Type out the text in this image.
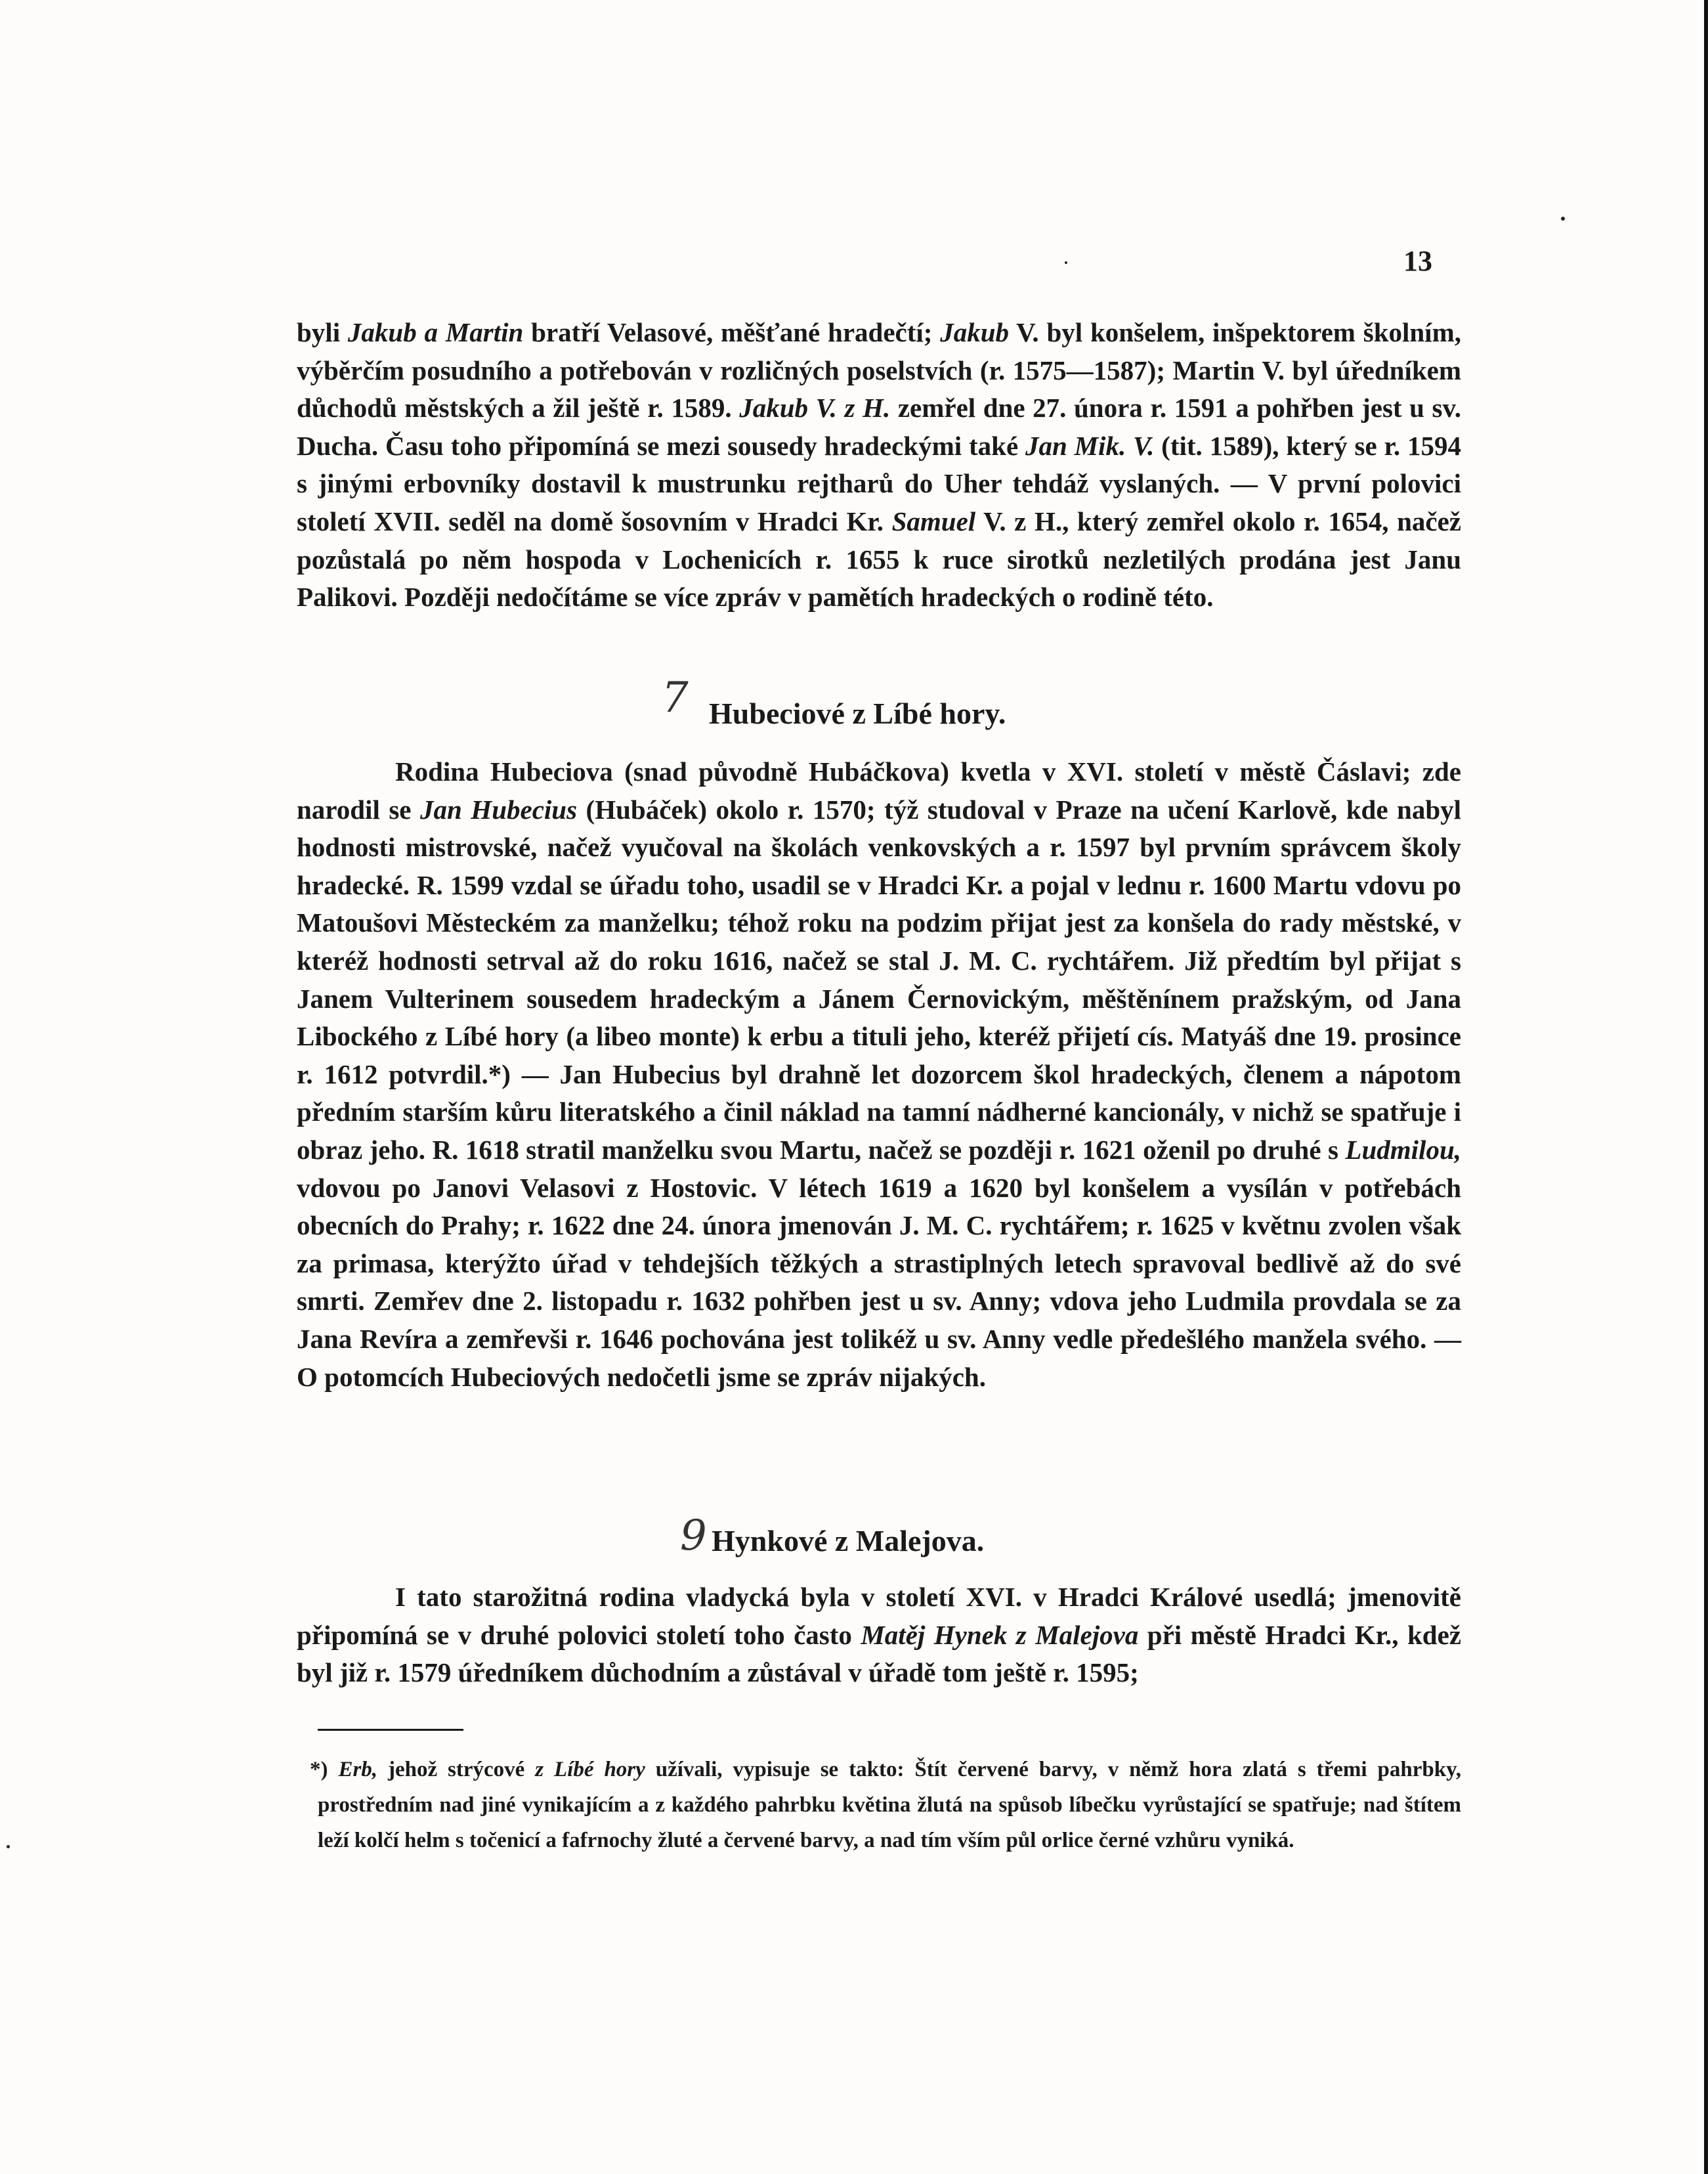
13

byli Jakub a Martin bratří Velasové, měšťané hradečtí; Jakub V. byl konšelem, inšpektorem školním, výběrčím posudního a potřebován v rozličných poselstvích (r. 1575—1587); Martin V. byl úředníkem důchodů městských a žil ještě r. 1589. Jakub V. z H. zemřel dne 27. února r. 1591 a pohřben jest u sv. Ducha. Času toho připomíná se mezi sousedy hradeckými také Jan Mik. V. (tit. 1589), který se r. 1594 s jinými erbovníky dostavil k mustrunku rejtharů do Uher tehdáž vyslaných. — V první polovici století XVII. seděl na domě šosovním v Hradci Kr. Samuel V. z H., který zemřel okolo r. 1654, načež pozůstalá po něm hospoda v Lochenicích r. 1655 k ruce sirotků nezletilých prodána jest Janu Palikovi. Později nedočítáme se více zpráv v pamětích hradeckých o rodině této.

7 Hubeciové z Líbé hory.

Rodina Hubeciova (snad původně Hubáčkova) kvetla v XVI. století v městě Čáslavi; zde narodil se Jan Hubecius (Hubáček) okolo r. 1570; týž studoval v Praze na učení Karlově, kde nabyl hodnosti mistrovské, načež vyučoval na školách venkovských a r. 1597 byl prvním správcem školy hradecké. R. 1599 vzdal se úřadu toho, usadil se v Hradci Kr. a pojal v lednu r. 1600 Martu vdovu po Matoušovi Městeckém za manželku; téhož roku na podzim přijat jest za konšela do rady městské, v kteréž hodnosti setrval až do roku 1616, načež se stal J. M. C. rychtářem. Již předtím byl přijat s Janem Vulterinem sousedem hradeckým a Jánem Černovickým, měštěnínem pražským, od Jana Libockého z Líbé hory (a libeo monte) k erbu a tituli jeho, kteréž přijetí cís. Matyáš dne 19. prosince r. 1612 potvrdil.*) — Jan Hubecius byl drahně let dozorcem škol hradeckých, členem a nápotom předním starším kůru literatského a činil náklad na tamní nádherné kancionály, v nichž se spatřuje i obraz jeho. R. 1618 stratil manželku svou Martu, načež se později r. 1621 oženil po druhé s Ludmilou, vdovou po Janovi Velasovi z Hostovic. V létech 1619 a 1620 byl konšelem a vysílán v potřebách obecních do Prahy; r. 1622 dne 24. února jmenován J. M. C. rychtářem; r. 1625 v květnu zvolen však za primasa, kterýžto úřad v tehdejších těžkých a strastiplných letech spravoval bedlivě až do své smrti. Zemřev dne 2. listopadu r. 1632 pohřben jest u sv. Anny; vdova jeho Ludmila provdala se za Jana Revíra a zemřevši r. 1646 pochována jest tolikéž u sv. Anny vedle předešlého manžela svého. — O potomcích Hubeciových nedočetli jsme se zpráv nijakých.

9 Hynkové z Malejova.

I tato starožitná rodina vladycká byla v století XVI. v Hradci Králové usedlá; jmenovitě připomíná se v druhé polovici století toho často Matěj Hynek z Malejova při městě Hradci Kr., kdež byl již r. 1579 úředníkem důchodním a zůstával v úřadě tom ještě r. 1595;

*) Erb, jehož strýcové z Líbé hory užívali, vypisuje se takto: Štít červené barvy, v němž hora zlatá s třemi pahrbky, prostředním nad jiné vynikajícím a z každého pahrbku květina žlutá na spůsob líbečku vyrůstající se spatřuje; nad štítem leží kolčí helm s točenicí a fafrnochy žluté a červené barvy, a nad tím vším půl orlice černé vzhůru vyniká.
